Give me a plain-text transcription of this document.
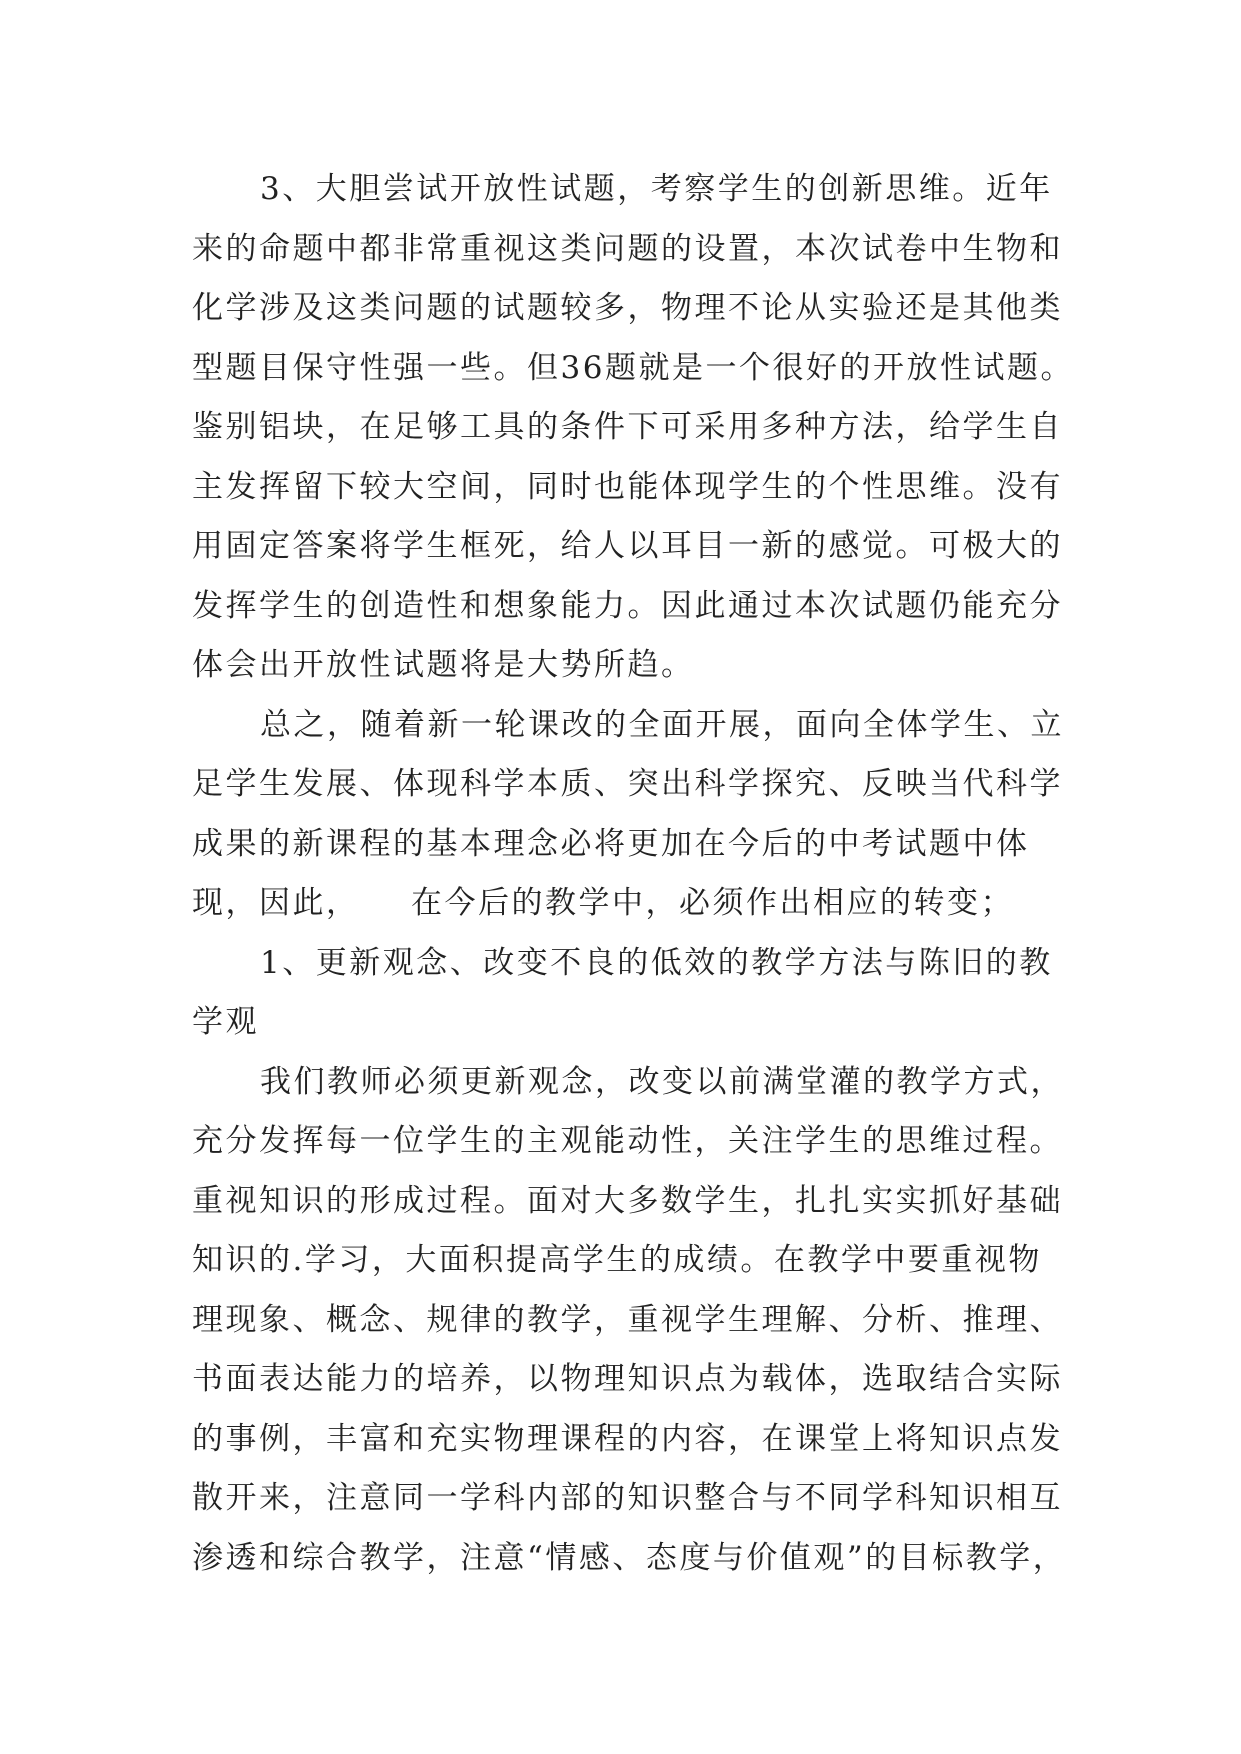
3、大胆尝试开放性试题，考察学生的创新思维。近年
来的命题中都非常重视这类问题的设置，本次试卷中生物和
化学涉及这类问题的试题较多，物理不论从实验还是其他类
型题目保守性强一些。但36题就是一个很好的开放性试题。
鉴别铝块，在足够工具的条件下可采用多种方法，给学生自
主发挥留下较大空间，同时也能体现学生的个性思维。没有
用固定答案将学生框死，给人以耳目一新的感觉。可极大的
发挥学生的创造性和想象能力。因此通过本次试题仍能充分
体会出开放性试题将是大势所趋。
总之，随着新一轮课改的全面开展，面向全体学生、立
足学生发展、体现科学本质、突出科学探究、反映当代科学
成果的新课程的基本理念必将更加在今后的中考试题中体
现，因此，　　在今后的教学中，必须作出相应的转变；
1、更新观念、改变不良的低效的教学方法与陈旧的教
学观
我们教师必须更新观念，改变以前满堂灌的教学方式，
充分发挥每一位学生的主观能动性，关注学生的思维过程。
重视知识的形成过程。面对大多数学生，扎扎实实抓好基础
知识的.学习，大面积提高学生的成绩。在教学中要重视物
理现象、概念、规律的教学，重视学生理解、分析、推理、
书面表达能力的培养，以物理知识点为载体，选取结合实际
的事例，丰富和充实物理课程的内容，在课堂上将知识点发
散开来，注意同一学科内部的知识整合与不同学科知识相互
渗透和综合教学，注意“情感、态度与价值观”的目标教学，
